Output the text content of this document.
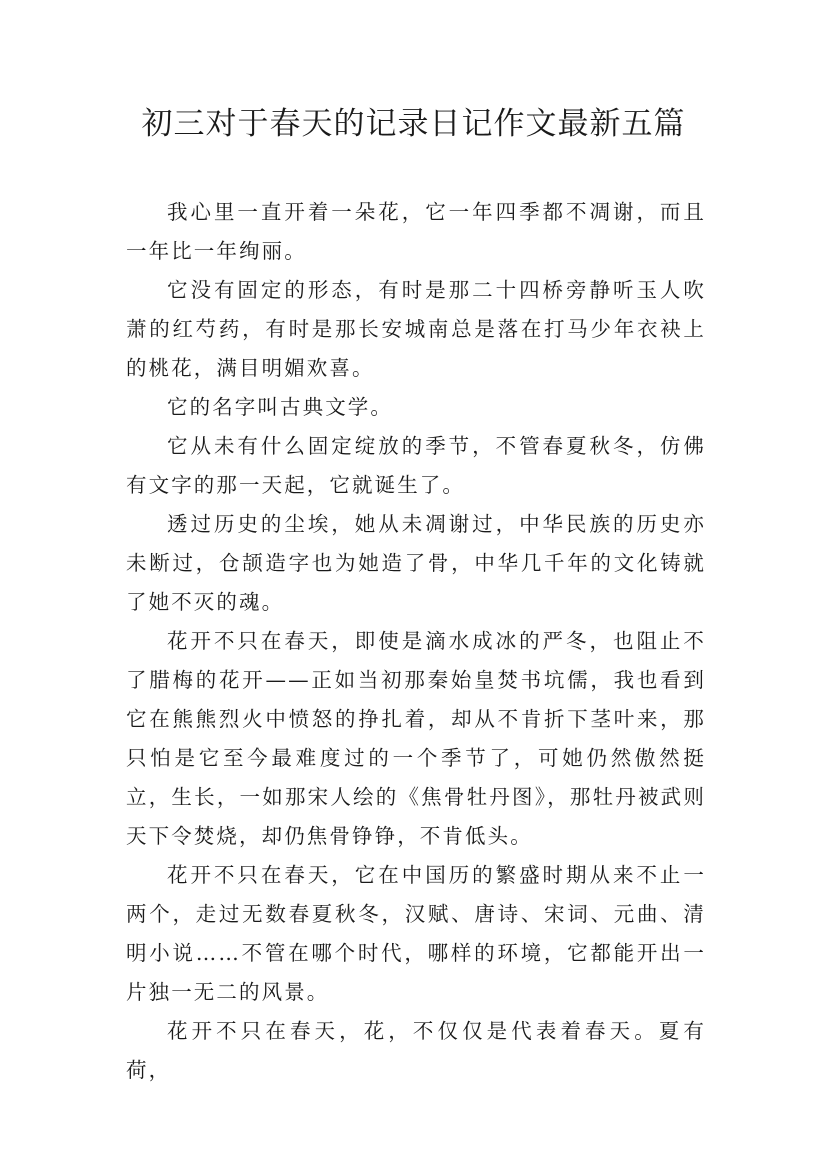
初三对于春天的记录日记作文最新五篇

我心里一直开着一朵花，它一年四季都不凋谢，而且一年比一年绚丽。

它没有固定的形态，有时是那二十四桥旁静听玉人吹萧的红芍药，有时是那长安城南总是落在打马少年衣袂上的桃花，满目明媚欢喜。

它的名字叫古典文学。

它从未有什么固定绽放的季节，不管春夏秋冬，仿佛有文字的那一天起，它就诞生了。

透过历史的尘埃，她从未凋谢过，中华民族的历史亦未断过，仓颉造字也为她造了骨，中华几千年的文化铸就了她不灭的魂。

花开不只在春天，即使是滴水成冰的严冬，也阻止不了腊梅的花开——正如当初那秦始皇焚书坑儒，我也看到它在熊熊烈火中愤怒的挣扎着，却从不肯折下茎叶来，那只怕是它至今最难度过的一个季节了，可她仍然傲然挺立，生长，一如那宋人绘的《焦骨牡丹图》，那牡丹被武则天下令焚烧，却仍焦骨铮铮，不肯低头。

花开不只在春天，它在中国历的繁盛时期从来不止一两个，走过无数春夏秋冬，汉赋、唐诗、宋词、元曲、清明小说……不管在哪个时代，哪样的环境，它都能开出一片独一无二的风景。

花开不只在春天，花，不仅仅是代表着春天。夏有荷，
